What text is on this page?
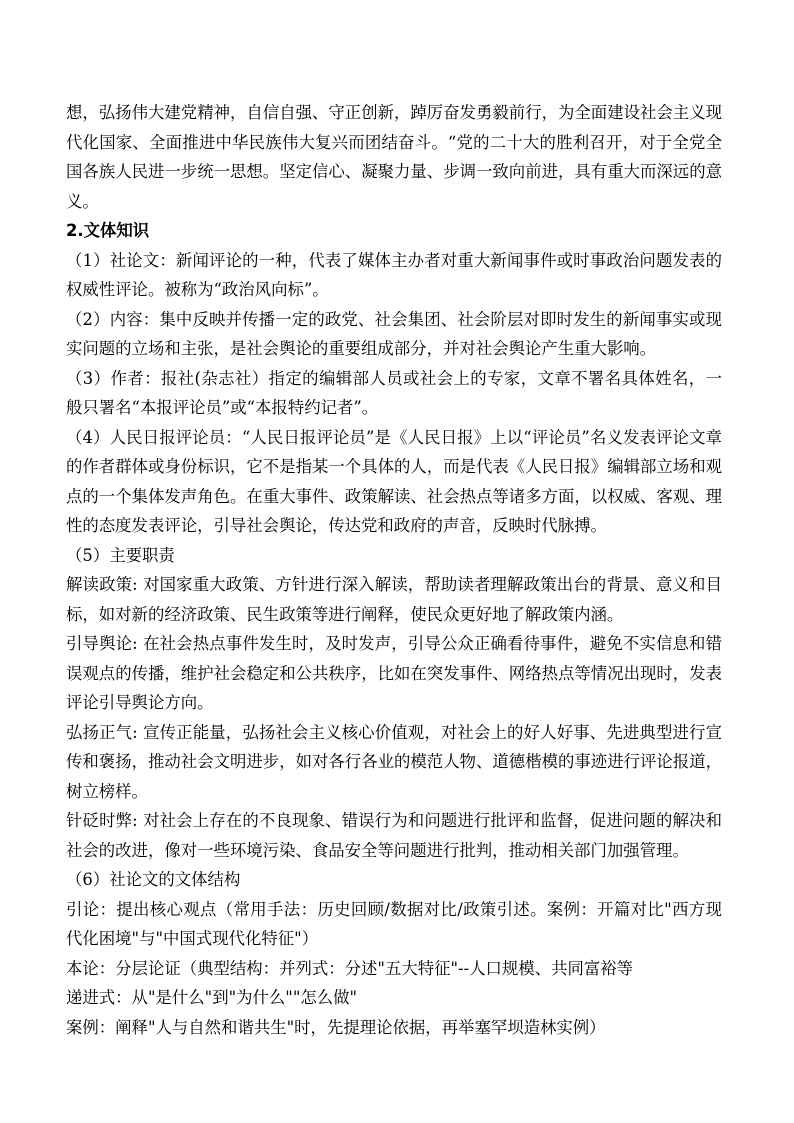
想，弘扬伟大建党精神，自信自强、守正创新，踔厉奋发勇毅前行，为全面建设社会主义现代化国家、全面推进中华民族伟大复兴而团结奋斗。“党的二十大的胜利召开，对于全党全国各族人民进一步统一思想。坚定信心、凝聚力量、步调一致向前进，具有重大而深远的意义。

2.文体知识

（1）社论文：新闻评论的一种，代表了媒体主办者对重大新闻事件或时事政治问题发表的权威性评论。被称为“政治风向标”。

（2）内容：集中反映并传播一定的政党、社会集团、社会阶层对即时发生的新闻事实或现实问题的立场和主张，是社会舆论的重要组成部分，并对社会舆论产生重大影响。

（3）作者：报社(杂志社）指定的编辑部人员或社会上的专家，文章不署名具体姓名，一般只署名“本报评论员”或“本报特约记者”。

（4）人民日报评论员：“人民日报评论员”是《人民日报》上以“评论员”名义发表评论文章的作者群体或身份标识，它不是指某一个具体的人，而是代表《人民日报》编辑部立场和观点的一个集体发声角色。在重大事件、政策解读、社会热点等诸多方面，以权威、客观、理性的态度发表评论，引导社会舆论，传达党和政府的声音，反映时代脉搏。

（5）主要职责

解读政策: 对国家重大政策、方针进行深入解读，帮助读者理解政策出台的背景、意义和目标，如对新的经济政策、民生政策等进行阐释，使民众更好地了解政策内涵。

引导舆论: 在社会热点事件发生时，及时发声，引导公众正确看待事件，避免不实信息和错误观点的传播，维护社会稳定和公共秩序，比如在突发事件、网络热点等情况出现时，发表评论引导舆论方向。

弘扬正气: 宣传正能量，弘扬社会主义核心价值观，对社会上的好人好事、先进典型进行宣传和褒扬，推动社会文明进步，如对各行各业的模范人物、道德楷模的事迹进行评论报道，树立榜样。

针砭时弊: 对社会上存在的不良现象、错误行为和问题进行批评和监督，促进问题的解决和社会的改进，像对一些环境污染、食品安全等问题进行批判，推动相关部门加强管理。

（6）社论文的文体结构

引论：提出核心观点（常用手法：历史回顾/数据对比/政策引述。案例：开篇对比"西方现代化困境"与"中国式现代化特征"）

本论：分层论证（典型结构：并列式：分述"五大特征"--人口规模、共同富裕等

递进式：从"是什么"到"为什么""怎么做"

案例：阐释"人与自然和谐共生"时，先提理论依据，再举塞罕坝造林实例）
